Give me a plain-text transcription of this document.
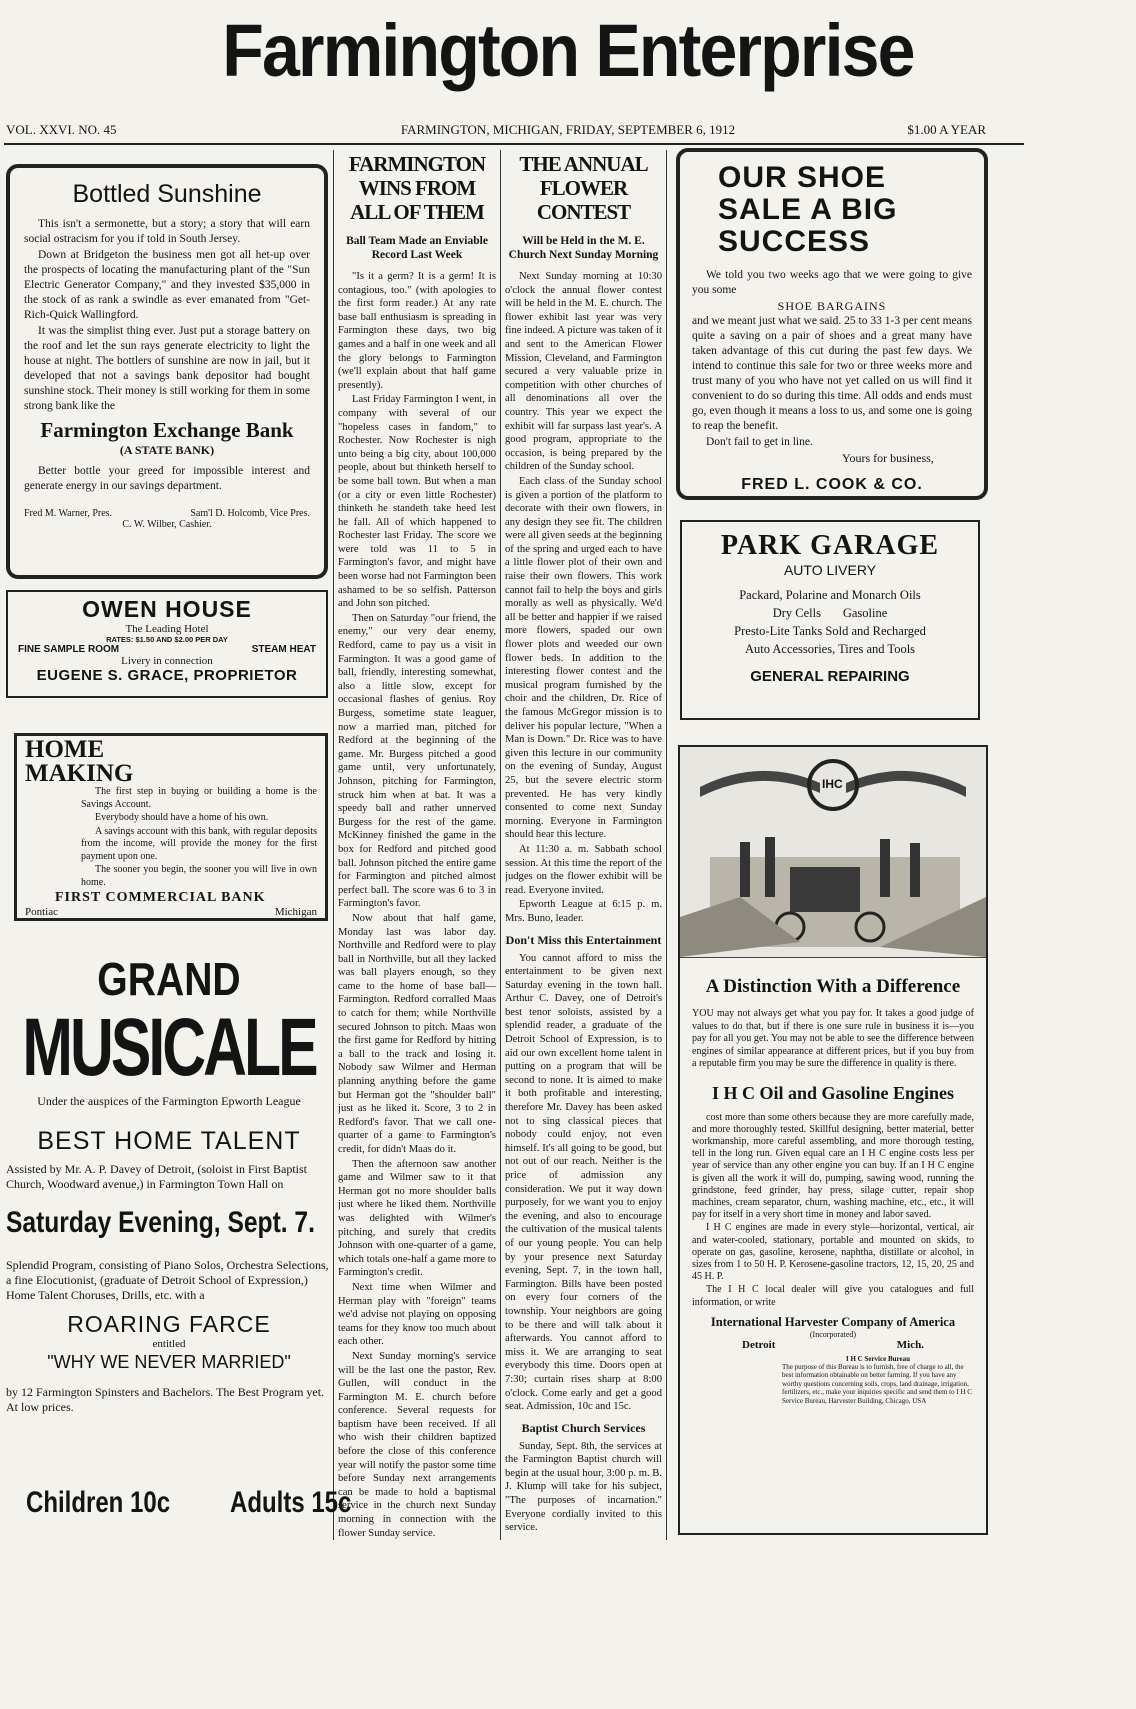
Farmington Enterprise
VOL. XXVI. NO. 45	FARMINGTON, MICHIGAN, FRIDAY, SEPTEMBER 6, 1912	$1.00 A YEAR
Bottled Sunshine

This isn't a sermonette, but a story; a story that will earn social ostracism for you if told in South Jersey.

Down at Bridgeton the business men got all het-up over the prospects of locating the manufacturing plant of the "Sun Electric Generator Company," and they invested $35,000 in the stock of as rank a swindle as ever emanated from "Get-Rich-Quick Wallingford.

It was the simplist thing ever. Just put a storage battery on the roof and let the sun rays generate electricity to light the house at night. The bottlers of sunshine are now in jail, but it developed that not a savings bank depositor had bought sunshine stock. Their money is still working for them in some strong bank like the

Farmington Exchange Bank
(A STATE BANK)

Better bottle your greed for impossible interest and generate energy in our savings department.

Fred M. Warner, Pres.	Sam'l D. Holcomb, Vice Pres.
C. W. Wilber, Cashier.
OWEN HOUSE
The Leading Hotel
RATES: $1.50 AND $2.00 PER DAY
FINE SAMPLE ROOM	STEAM HEAT
Livery in connection
EUGENE S. GRACE, PROPRIETOR
HOME
MAKING

The first step in buying or building a home is the Savings Account.

Everybody should have a home of his own.

A savings account with this bank, with regular deposits from the income, will provide the money for the first payment upon one.

The sooner you begin, the sooner you will live in own home.

FIRST COMMERCIAL BANK
Pontiac	Michigan
GRAND
MUSICALE
Under the auspices of the Farmington Epworth League
BEST HOME TALENT
Assisted by Mr. A. P. Davey of Detroit, (soloist in First Baptist Church, Woodward avenue,) in Farmington Town Hall on
Saturday Evening, Sept. 7.
Splendid Program, consisting of Piano Solos, Orchestra Selections, a fine Elocutionist, (graduate of Detroit School of Expression,) Home Talent Choruses, Drills, etc. with a
ROARING FARCE
entitled
"WHY WE NEVER MARRIED"
by 12 Farmington Spinsters and Bachelors. The Best Program yet. At low prices.
Children 10c Adults 15c
FARMINGTON WINS FROM ALL OF THEM
Ball Team Made an Enviable Record Last Week

"Is it a germ? It is a germ! It is contagious, too." (with apologies to the first form reader.) At any rate base ball enthusiasm is spreading in Farmington these days, two big games and a half in one week and all the glory belongs to Farmington (we'll explain about that half game presently).

Last Friday Farmington I went, in company with several of our "hopeless cases in fandom," to Rochester. Now Rochester is nigh unto being a big city, about 100,000 people, about but thinketh herself to be some ball town. But when a man (or a city or even little Rochester) thinketh he standeth take heed lest he fall. All of which happened to Rochester last Friday. The score we were told was 11 to 5 in Farmington's favor, and might have been worse had not Farmington been ashamed to be so selfish. Patterson and John son pitched.

Then on Saturday "our friend, the enemy," our very dear enemy, Redford, came to pay us a visit in Farmington. It was a good game of ball, friendly, interesting somewhat, also a little slow, except for occasional flashes of genius. Roy Burgess, sometime state leaguer, now a married man, pitched for Redford at the beginning of the game. Mr. Burgess pitched a good game until, very unfortunately, Johnson, pitching for Farmington, struck him when at bat. It was a speedy ball and rather unnerved Burgess for the rest of the game. McKinney finished the game in the box for Redford and pitched good ball. Johnson pitched the entire game for Farmington and pitched almost perfect ball. The score was 6 to 3 in Farmington's favor.

Now about that half game, Monday last was labor day. Northville and Redford were to play ball in Northville, but all they lacked was ball players enough, so they came to the home of base ball—Farmington. Redford corralled Maas to catch for them; while Northville secured Johnson to pitch. Maas won the first game for Redford by hitting a ball to the track and losing it. Nobody saw Wilmer and Herman planning anything before the game but Herman got the "shoulder ball" just as he liked it. Score, 3 to 2 in Redford's favor. That we call one-quarter of a game to Farmington's credit, for didn't Maas do it.

Then the afternoon saw another game and Wilmer saw to it that Herman got no more shoulder balls just where he liked them. Northville was delighted with Wilmer's pitching, and surely that credits Johnson with one-quarter of a game, which totals one-half a game more to Farmington's credit.

Next time when Wilmer and Herman play with "foreign" teams we'd advise not playing on opposing teams for they know too much about each other.

Next Sunday morning's service will be the last one the pastor, Rev. Gullen, will conduct in the Farmington M. E. church before conference. Several requests for baptism have been received. If all who wish their children baptized before the close of this conference year will notify the pastor some time before Sunday next arrangements can be made to hold a baptismal service in the church next Sunday morning in connection with the flower Sunday service.

THE ANNUAL FLOWER CONTEST
Will be Held in the M. E. Church Next Sunday Morning

Next Sunday morning at 10:30 o'clock the annual flower contest will be held in the M. E. church. The flower exhibit last year was very fine indeed. A picture was taken of it and sent to the American Flower Mission, Cleveland, and Farmington secured a very valuable prize in competition with other churches of all denominations all over the country. This year we expect the exhibit will far surpass last year's. A good program, appropriate to the occasion, is being prepared by the children of the Sunday school.

Each class of the Sunday school is given a portion of the platform to decorate with their own flowers, in any design they see fit. The children were all given seeds at the beginning of the spring and urged each to have a little flower plot of their own and raise their own flowers. This work cannot fail to help the boys and girls morally as well as physically. We'd all be better and happier if we raised more flowers, spaded our own flower plots and weeded our own flower beds. In addition to the interesting flower contest and the musical program furnished by the choir and the children, Dr. Rice of the famous McGregor mission is to deliver his popular lecture, "When a Man is Down." Dr. Rice was to have given this lecture in our community on the evening of Sunday, August 25, but the severe electric storm prevented. He has very kindly consented to come next Sunday morning. Everyone in Farmington should hear this lecture.

At 11:30 a. m. Sabbath school session. At this time the report of the judges on the flower exhibit will be read. Everyone invited.

Epworth League at 6:15 p. m. Mrs. Buno, leader.

Don't Miss this Entertainment

You cannot afford to miss the entertainment to be given next Saturday evening in the town hall. Arthur C. Davey, one of Detroit's best tenor soloists, assisted by a splendid reader, a graduate of the Detroit School of Expression, is to aid our own excellent home talent in putting on a program that will be second to none. It is aimed to make it both profitable and interesting, therefore Mr. Davey has been asked not to sing classical pieces that nobody could enjoy, not even himself. It's all going to be good, but not out of our reach. Neither is the price of admission any consideration. We put it way down purposely, for we want you to enjoy the evening, and also to encourage the cultivation of the musical talents of our young people. You can help by your presence next Saturday evening, Sept. 7, in the town hall, Farmington. Bills have been posted on every four corners of the township. Your neighbors are going to be there and will talk about it afterwards. You cannot afford to miss it. We are arranging to seat everybody this time. Doors open at 7:30; curtain rises sharp at 8:00 o'clock. Come early and get a good seat. Admission, 10c and 15c.

Baptist Church Services

Sunday, Sept. 8th, the services at the Farmington Baptist church will begin at the usual hour, 3:00 p. m. B. J. Klump will take for his subject, "The purposes of incarnation." Everyone cordially invited to this service.

OUR SHOE SALE A BIG SUCCESS

We told you two weeks ago that we were going to give you some

SHOE BARGAINS

and we meant just what we said. 25 to 33 1-3 per cent means quite a saving on a pair of shoes and a great many have taken advantage of this cut during the past few days. We intend to continue this sale for two or three weeks more and trust many of you who have not yet called on us will find it convenient to do so during this time. All odds and ends must go, even though it means a loss to us, and some one is going to reap the benefit.

Don't fail to get in line.

Yours for business,
FRED L. COOK & CO.
PARK GARAGE
AUTO LIVERY
Packard, Polarine and Monarch Oils
Dry Cells       Gasoline
Presto-Lite Tanks Sold and Recharged
Auto Accessories, Tires and Tools
GENERAL REPAIRING
IHC
A Distinction With a Difference

YOU may not always get what you pay for. It takes a good judge of values to do that, but if there is one sure rule in business it is—you pay for all you get. You may not be able to see the difference between engines of similar appearance at different prices, but if you buy from a reputable firm you may be sure the difference in quality is there.

I H C Oil and Gasoline Engines

cost more than some others because they are more carefully made, and more thoroughly tested. Skillful designing, better material, better workmanship, more careful assembling, and more thorough testing, tell in the long run. Given equal care an I H C engine costs less per year of service than any other engine you can buy. If an I H C engine is given all the work it will do, pumping, sawing wood, running the grindstone, feed grinder, hay press, silage cutter, repair shop machines, cream separator, churn, washing machine, etc., etc., it will pay for itself in a very short time in money and labor saved.

I H C engines are made in every style—horizontal, vertical, air and water-cooled, stationary, portable and mounted on skids, to operate on gas, gasoline, kerosene, naphtha, distillate or alcohol, in sizes from 1 to 50 H. P. Kerosene-gasoline tractors, 12, 15, 20, 25 and 45 H. P.

The I H C local dealer will give you catalogues and full information, or write

International Harvester Company of America
(Incorporated)
Detroit	Mich.
I H C Service Bureau
The purpose of this Bureau is to furnish, free of charge to all, the best information obtainable on better farming. If you have any worthy questions concerning soils, crops, land drainage, irrigation, fertilizers, etc., make your inquiries specific and send them to I H C Service Bureau, Harvester Building, Chicago, USA
